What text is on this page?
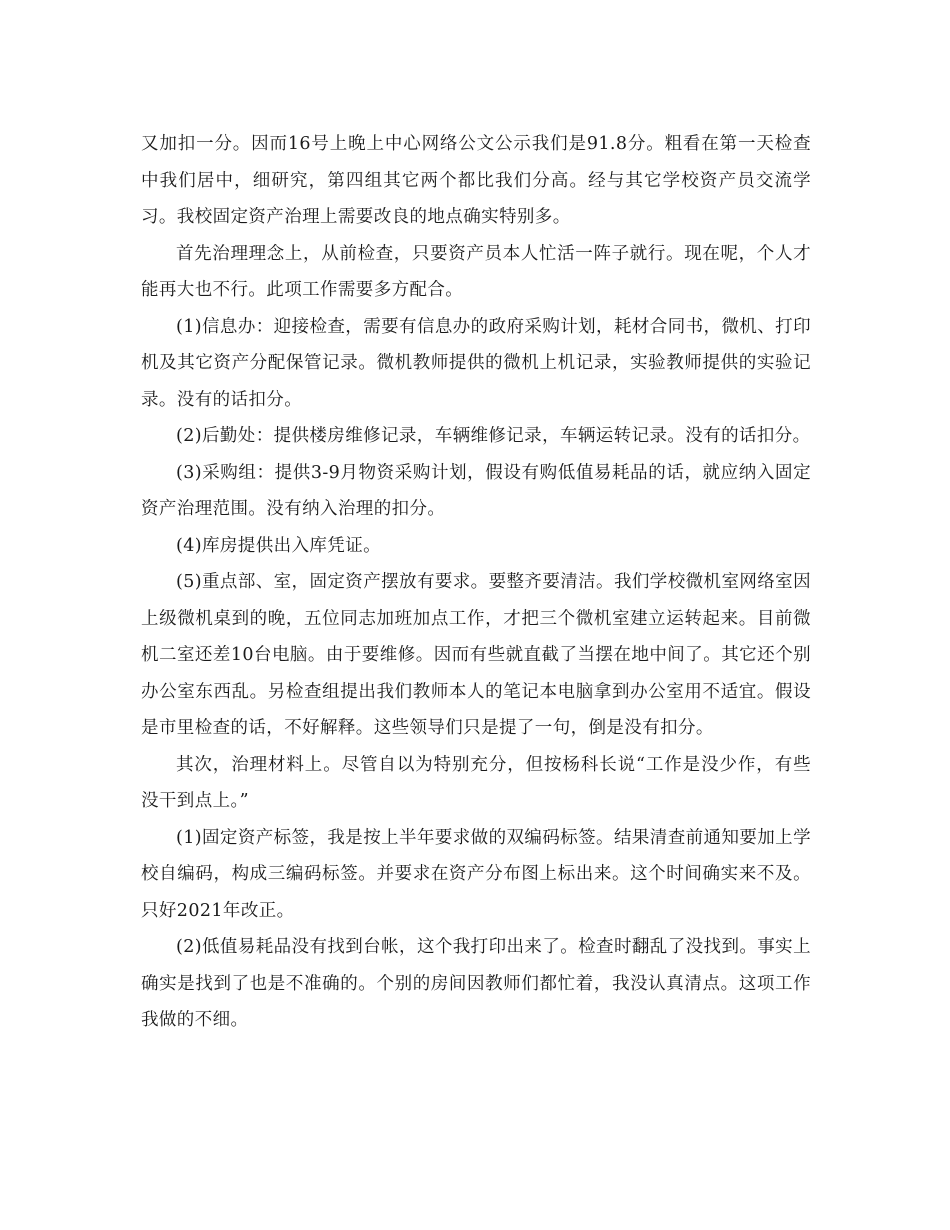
又加扣一分。因而16号上晚上中心网络公文公示我们是91.8分。粗看在第一天检查中我们居中，细研究，第四组其它两个都比我们分高。经与其它学校资产员交流学习。我校固定资产治理上需要改良的地点确实特别多。

首先治理理念上，从前检查，只要资产员本人忙活一阵子就行。现在呢，个人才能再大也不行。此项工作需要多方配合。

(1)信息办：迎接检查，需要有信息办的政府采购计划，耗材合同书，微机、打印机及其它资产分配保管记录。微机教师提供的微机上机记录，实验教师提供的实验记录。没有的话扣分。

(2)后勤处：提供楼房维修记录，车辆维修记录，车辆运转记录。没有的话扣分。

(3)采购组：提供3-9月物资采购计划，假设有购低值易耗品的话，就应纳入固定资产治理范围。没有纳入治理的扣分。

(4)库房提供出入库凭证。

(5)重点部、室，固定资产摆放有要求。要整齐要清洁。我们学校微机室网络室因上级微机桌到的晚，五位同志加班加点工作，才把三个微机室建立运转起来。目前微机二室还差10台电脑。由于要维修。因而有些就直截了当摆在地中间了。其它还个别办公室东西乱。另检查组提出我们教师本人的笔记本电脑拿到办公室用不适宜。假设是市里检查的话，不好解释。这些领导们只是提了一句，倒是没有扣分。

其次，治理材料上。尽管自以为特别充分，但按杨科长说“工作是没少作，有些没干到点上。”

(1)固定资产标签，我是按上半年要求做的双编码标签。结果清查前通知要加上学校自编码，构成三编码标签。并要求在资产分布图上标出来。这个时间确实来不及。只好2021年改正。

(2)低值易耗品没有找到台帐，这个我打印出来了。检查时翻乱了没找到。事实上确实是找到了也是不准确的。个别的房间因教师们都忙着，我没认真清点。这项工作我做的不细。
